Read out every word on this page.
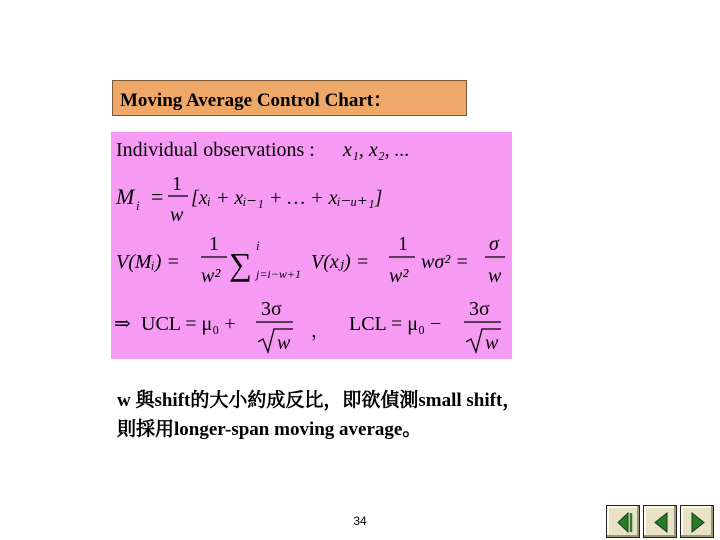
Moving Average Control Chart：
Individual observations : x₁, x₂, ...
M i = 1
w
[xᵢ + xᵢ₋₁ + … + xᵢ₋ᵤ₊₁]
V(Mᵢ) =
1
w²
i
∑ j=i−w+1
V(xⱼ) =
1
w²
wσ² =
σ
w
⇒ UCL = μ₀ +
3σ
w
， LCL = μ₀ −
3σ
w
w 與shift的大小約成反比，即欲偵測small shift，
則採用longer-span moving average。
34
